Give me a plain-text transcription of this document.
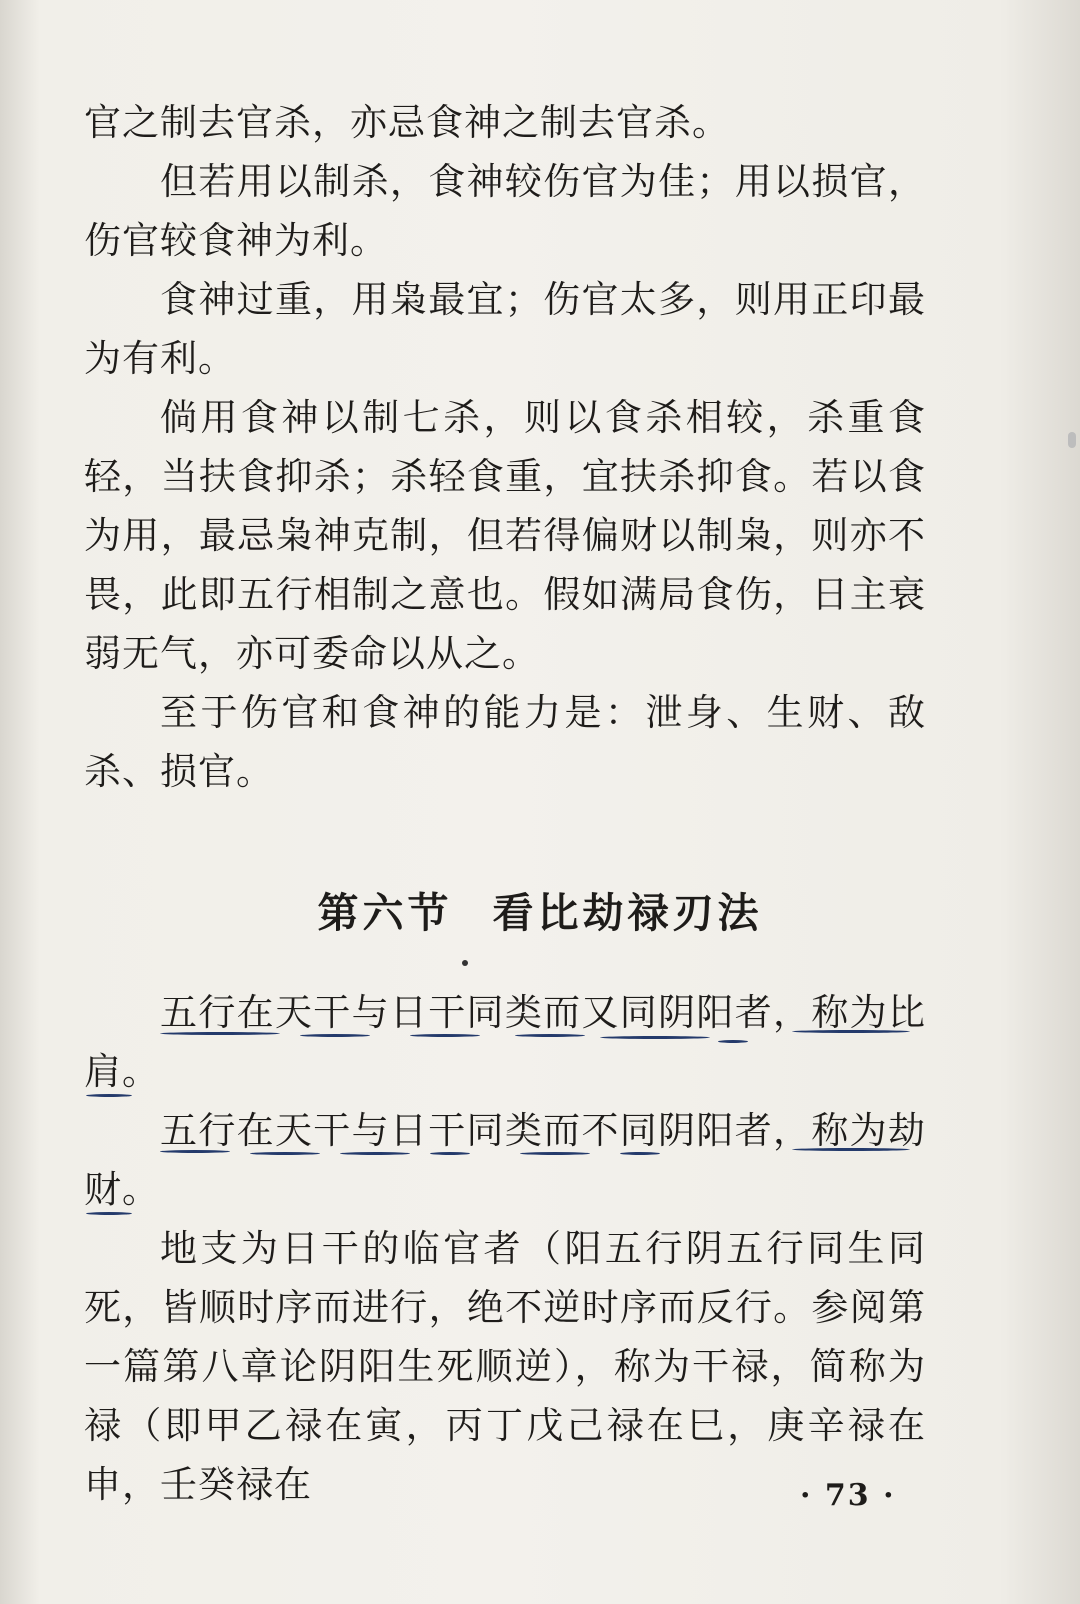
官之制去官杀，亦忌食神之制去官杀。

但若用以制杀，食神较伤官为佳；用以损官，伤官较食神为利。

食神过重，用枭最宜；伤官太多，则用正印最为有利。

倘用食神以制七杀，则以食杀相较，杀重食轻，当扶食抑杀；杀轻食重，宜扶杀抑食。若以食为用，最忌枭神克制，但若得偏财以制枭，则亦不畏，此即五行相制之意也。假如满局食伤，日主衰弱无气，亦可委命以从之。

至于伤官和食神的能力是：泄身、生财、敌杀、损官。

第六节 看比劫禄刃法

五行在天干与日干同类而又同阴阳者，称为比肩。

五行在天干与日干同类而不同阴阳者，称为劫财。

地支为日干的临官者（阳五行阴五行同生同死，皆顺时序而进行，绝不逆时序而反行。参阅第一篇第八章论阴阳生死顺逆），称为干禄，简称为禄（即甲乙禄在寅，丙丁戊己禄在巳，庚辛禄在申，壬癸禄在	· 73 ·
